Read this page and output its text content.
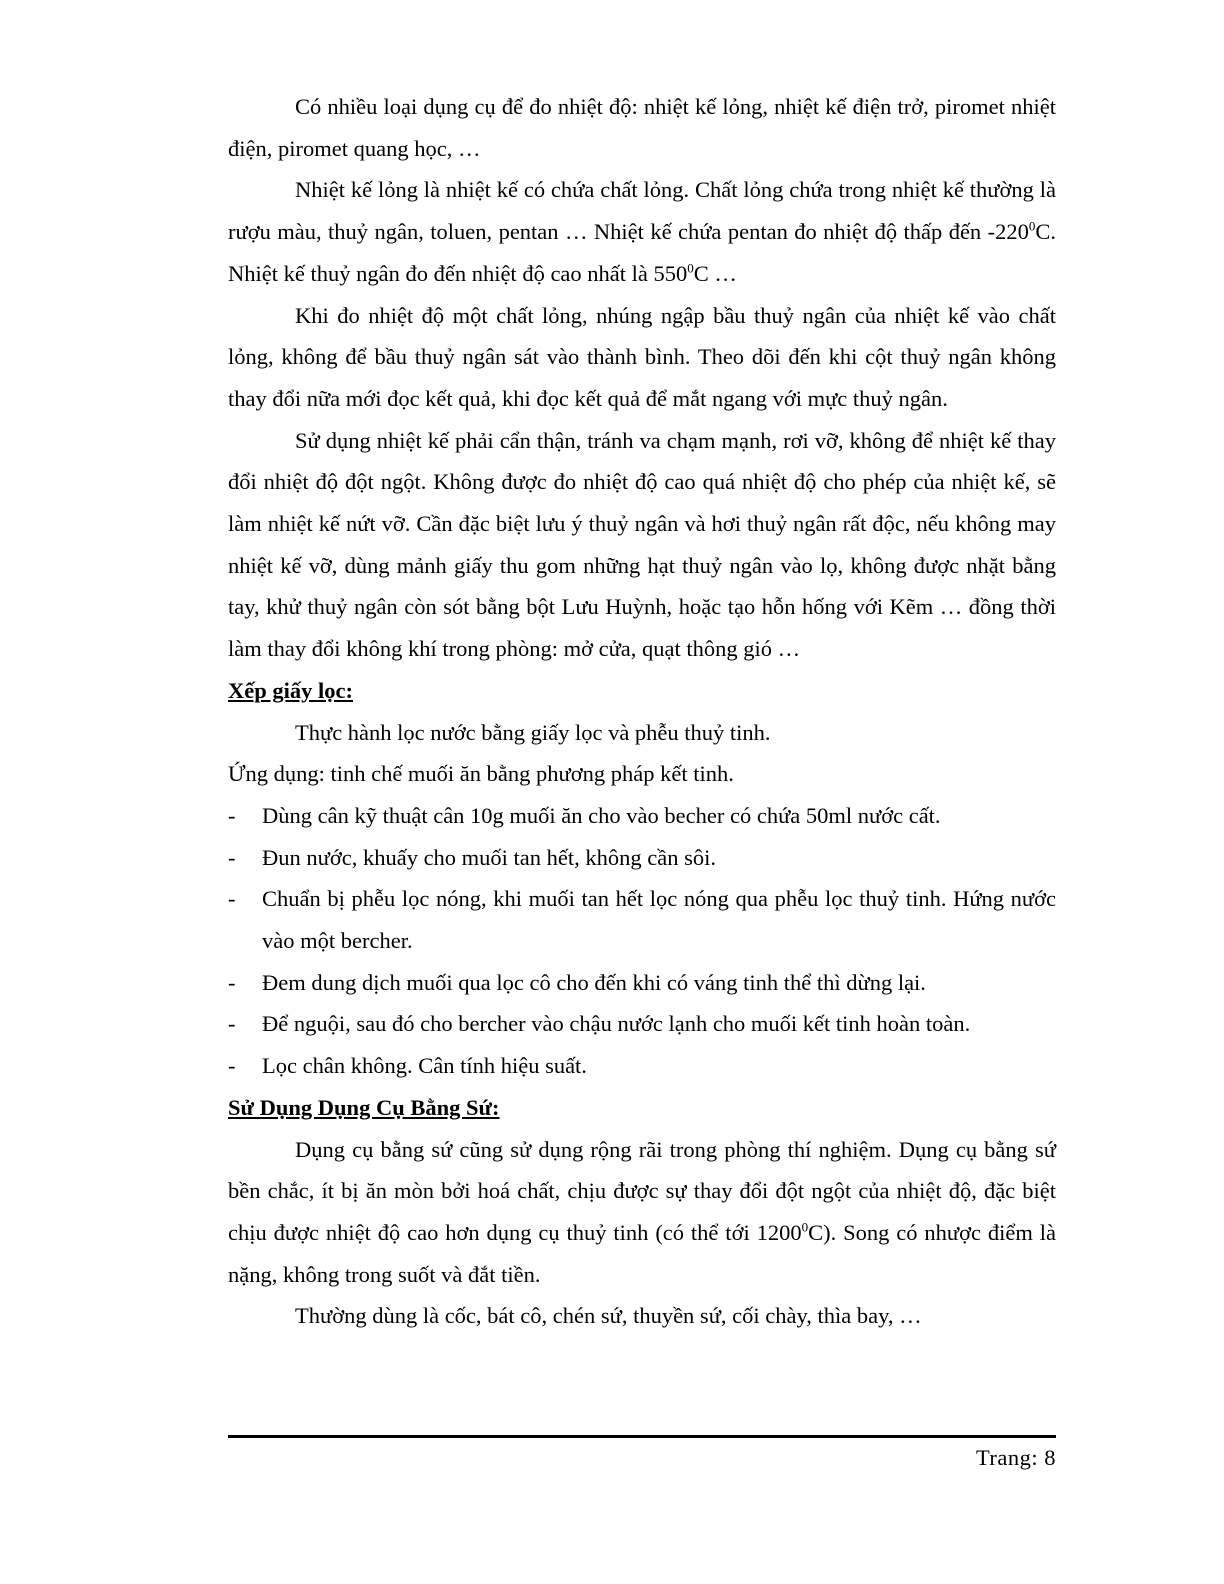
Có nhiều loại dụng cụ để đo nhiệt độ: nhiệt kế lỏng, nhiệt kế điện trở, piromet nhiệt điện, piromet quang học, …

Nhiệt kế lỏng là nhiệt kế có chứa chất lỏng. Chất lỏng chứa trong nhiệt kế thường là rượu màu, thuỷ ngân, toluen, pentan … Nhiệt kế chứa pentan đo nhiệt độ thấp đến $-220^0C$. Nhiệt kế thuỷ ngân đo đến nhiệt độ cao nhất là $550^0C$ …

Khi đo nhiệt độ một chất lỏng, nhúng ngập bầu thuỷ ngân của nhiệt kế vào chất lỏng, không để bầu thuỷ ngân sát vào thành bình. Theo dõi đến khi cột thuỷ ngân không thay đổi nữa mới đọc kết quả, khi đọc kết quả để mắt ngang với mực thuỷ ngân.

Sử dụng nhiệt kế phải cẩn thận, tránh va chạm mạnh, rơi vỡ, không để nhiệt kế thay đổi nhiệt độ đột ngột. Không được đo nhiệt độ cao quá nhiệt độ cho phép của nhiệt kế, sẽ làm nhiệt kế nứt vỡ. Cần đặc biệt lưu ý thuỷ ngân và hơi thuỷ ngân rất độc, nếu không may nhiệt kế vỡ, dùng mảnh giấy thu gom những hạt thuỷ ngân vào lọ, không được nhặt bằng tay, khử thuỷ ngân còn sót bằng bột Lưu Huỳnh, hoặc tạo hỗn hống với Kẽm … đồng thời làm thay đổi không khí trong phòng: mở cửa, quạt thông gió …

Xếp giấy lọc:

Thực hành lọc nước bằng giấy lọc và phễu thuỷ tinh.

Ứng dụng: tinh chế muối ăn bằng phương pháp kết tinh.

- Dùng cân kỹ thuật cân 10g muối ăn cho vào becher có chứa 50ml nước cất.
- Đun nước, khuấy cho muối tan hết, không cần sôi.
- Chuẩn bị phễu lọc nóng, khi muối tan hết lọc nóng qua phễu lọc thuỷ tinh. Hứng nước vào một bercher.
- Đem dung dịch muối qua lọc cô cho đến khi có váng tinh thể thì dừng lại.
- Để nguội, sau đó cho bercher vào chậu nước lạnh cho muối kết tinh hoàn toàn.
- Lọc chân không. Cân tính hiệu suất.

Sử Dụng Dụng Cụ Bằng Sứ:

Dụng cụ bằng sứ cũng sử dụng rộng rãi trong phòng thí nghiệm. Dụng cụ bằng sứ bền chắc, ít bị ăn mòn bởi hoá chất, chịu được sự thay đổi đột ngột của nhiệt độ, đặc biệt chịu được nhiệt độ cao hơn dụng cụ thuỷ tinh (có thể tới 1200$^0$C). Song có nhược điểm là nặng, không trong suốt và đắt tiền.

Thường dùng là cốc, bát cô, chén sứ, thuyền sứ, cối chày, thìa bay, …

Trang: 8
